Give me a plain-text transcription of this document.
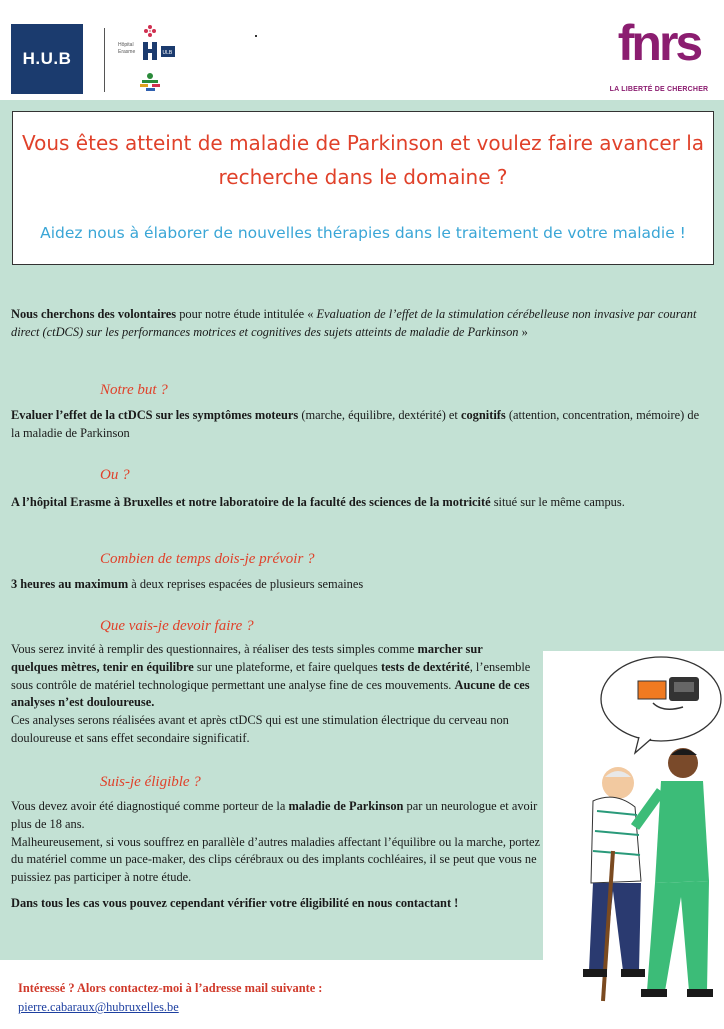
H.U.B
Hôpital
Erasme	ULB	fnrs
LA LIBERTÉ DE CHERCHER
Vous êtes atteint de maladie de Parkinson et voulez faire avancer la recherche dans le domaine ?
Aidez nous à élaborer de nouvelles thérapies dans le traitement de votre maladie !
Nous cherchons des volontaires pour notre étude intitulée « Evaluation de l’effet de la stimulation cérébelleuse non invasive par courant direct (ctDCS) sur les performances motrices et cognitives des sujets atteints de maladie de Parkinson »
Notre but ?
Evaluer l’effet de la ctDCS sur les symptômes moteurs (marche, équilibre, dextérité) et cognitifs (attention, concentration, mémoire) de la maladie de Parkinson
Ou ?
A l’hôpital Erasme à Bruxelles et notre laboratoire de la faculté des sciences de la motricité situé sur le même campus.
Combien de temps dois-je prévoir ?
3 heures au maximum à deux reprises espacées de plusieurs semaines
Que vais-je devoir faire ?
Vous serez invité à remplir des questionnaires, à réaliser des tests simples comme marcher sur quelques mètres, tenir en équilibre sur une plateforme, et faire quelques tests de dextérité, l’ensemble sous contrôle de matériel technologique permettant une analyse fine de ces mouvements. Aucune de ces analyses n’est douloureuse.
Ces analyses serons réalisées avant et après ctDCS qui est une stimulation électrique du cerveau non douloureuse et sans effet secondaire significatif.
Suis-je éligible ?
Vous devez avoir été diagnostiqué comme porteur de la maladie de Parkinson par un neurologue et avoir plus de 18 ans.
Malheureusement, si vous souffrez en parallèle d’autres maladies affectant l’équilibre ou la marche, portez du matériel comme un pace-maker, des clips cérébraux ou des implants cochléaires, il se peut que vous ne puissiez pas participer à notre étude.
Dans tous les cas vous pouvez cependant vérifier votre éligibilité en nous contactant !
Intéressé ? Alors contactez-moi à l’adresse mail suivante :
pierre.cabaraux@hubruxelles.be
